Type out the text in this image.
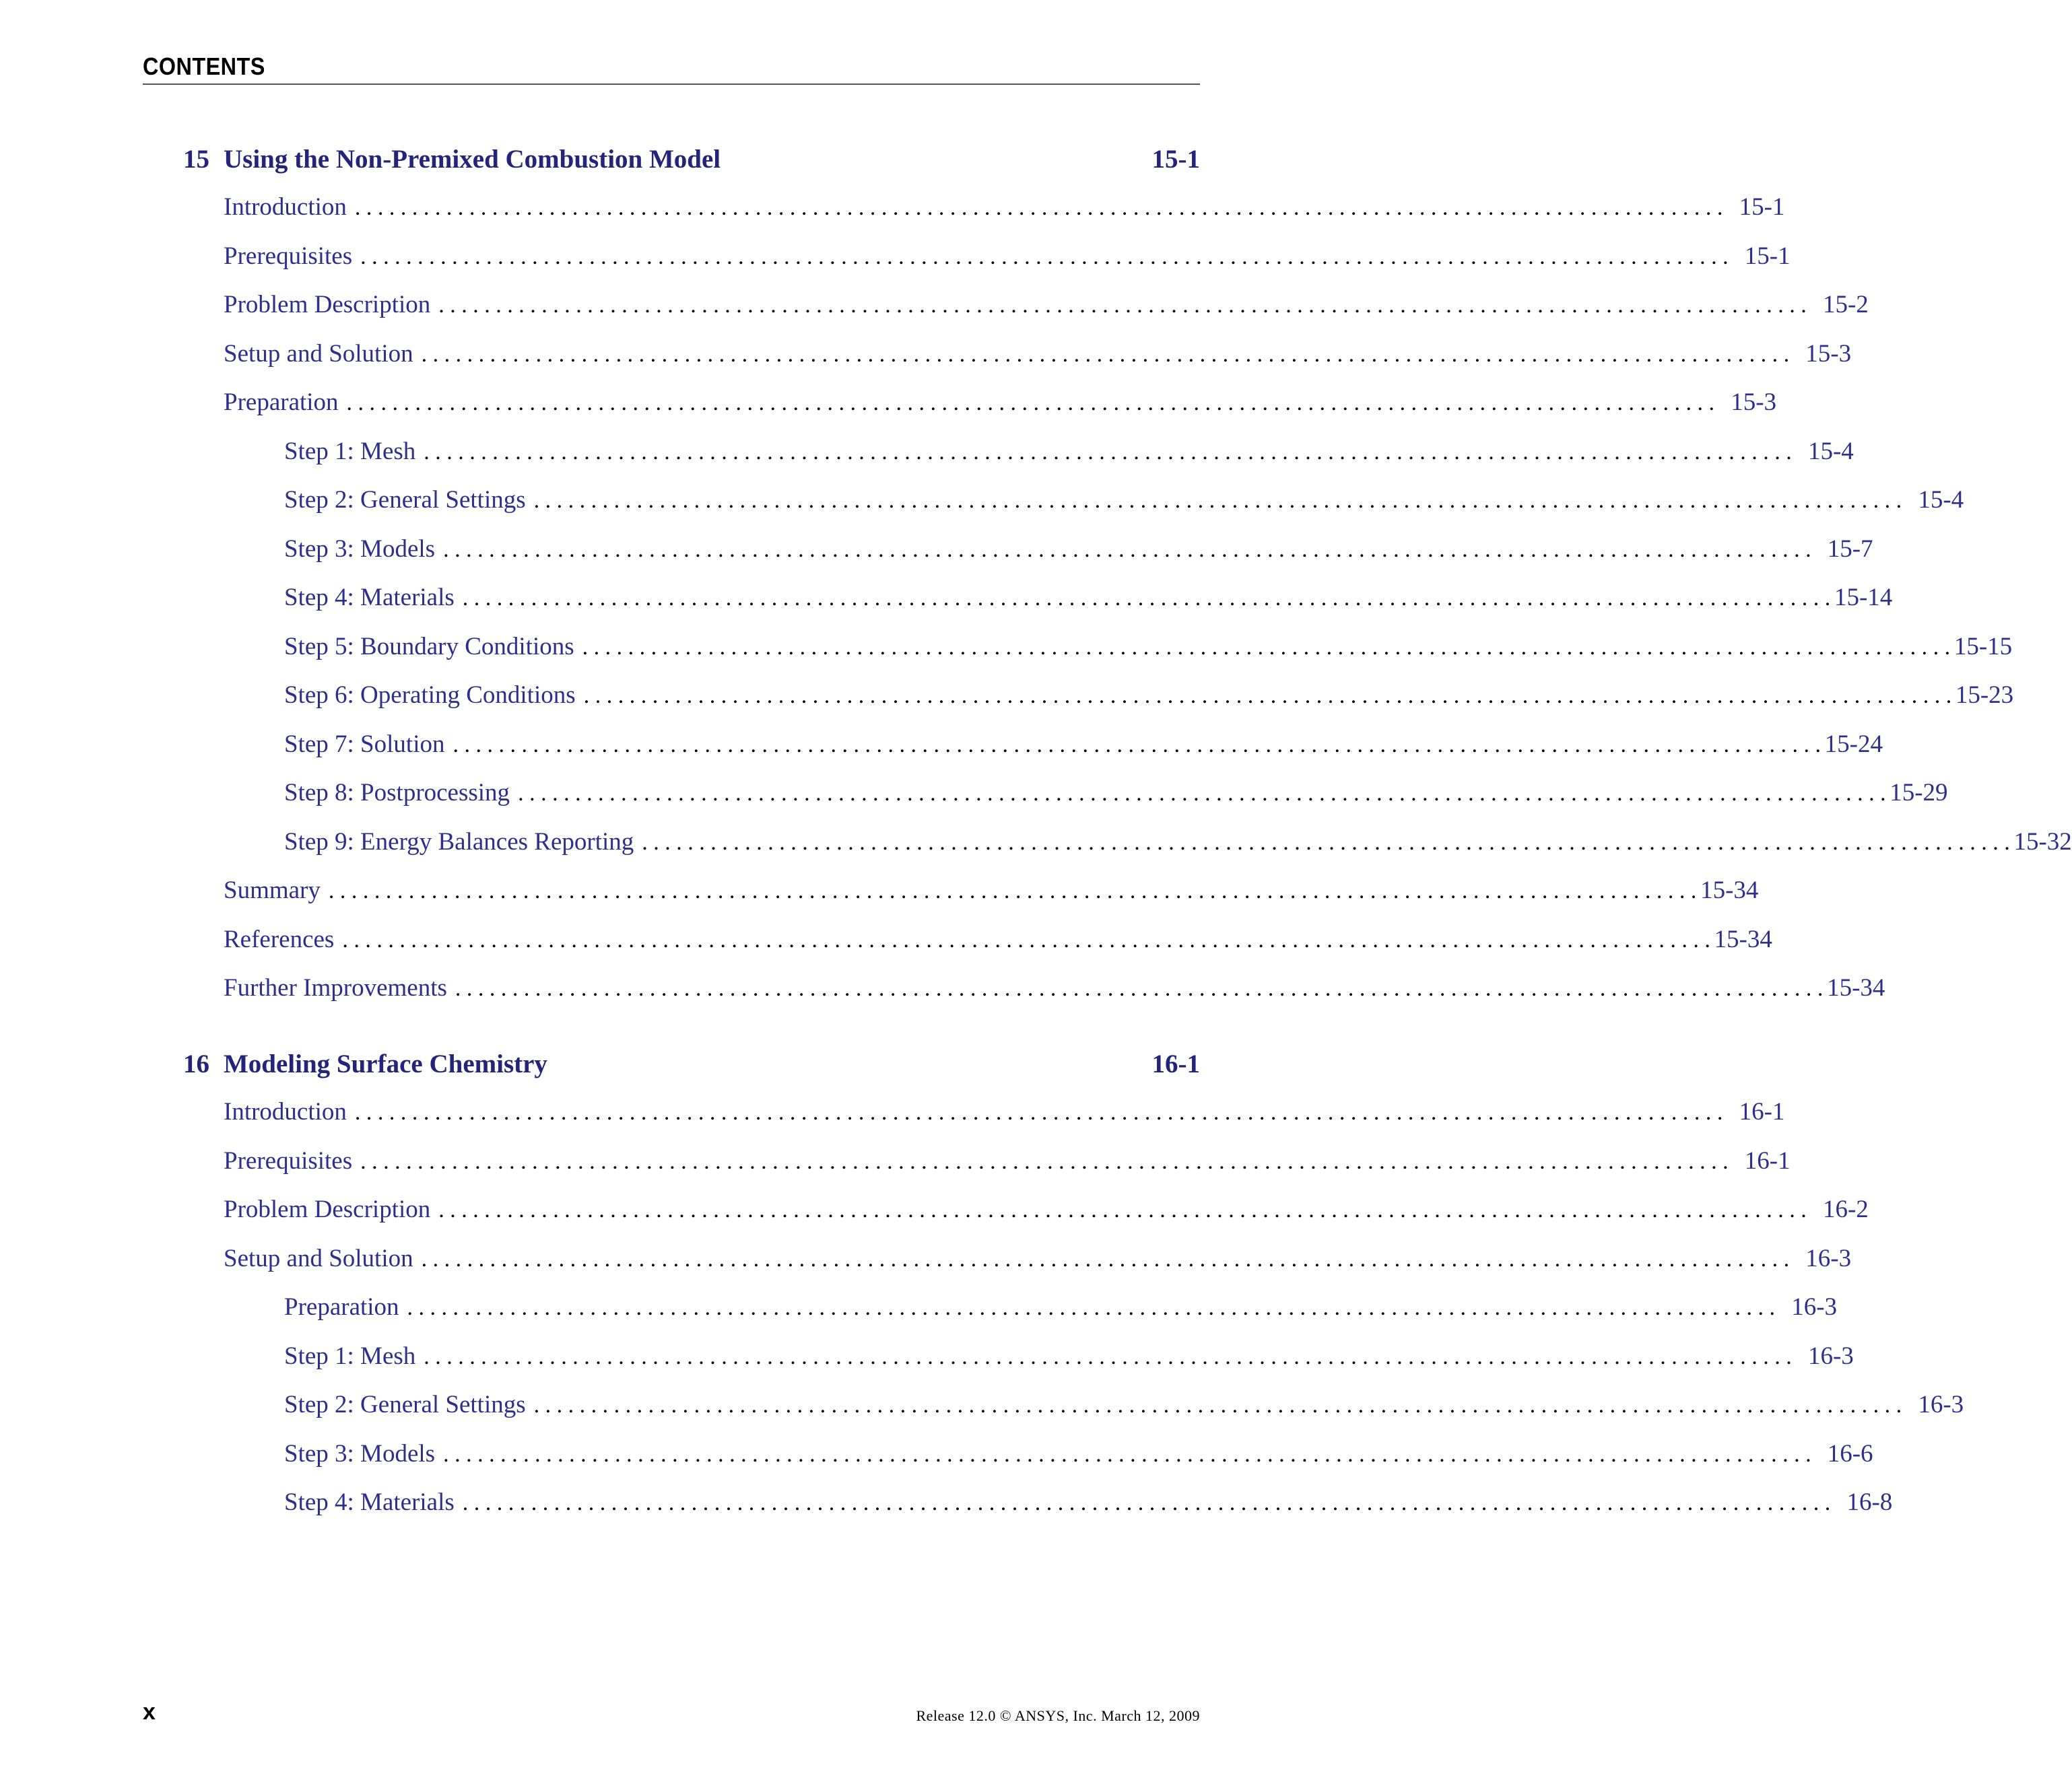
CONTENTS
15 Using the Non-Premixed Combustion Model	15-1
Introduction . . . . . . . . . . . . . . . . . . . . . . . . . . . . . . . . . . . . . . . . . . . . . . . . . . . . . . . . . . . . . . . . . . . . . . . . . . . . . . . . . . . . . . . . . . . . . . . . . . . . . . . . . . . . . . . . . . . . . . . . 15-1
Prerequisites . . . . . . . . . . . . . . . . . . . . . . . . . . . . . . . . . . . . . . . . . . . . . . . . . . . . . . . . . . . . . . . . . . . . . . . . . . . . . . . . . . . . . . . . . . . . . . . . . . . . . . . . . . . . . . . . . . . . . . . . 15-1
Problem Description . . . . . . . . . . . . . . . . . . . . . . . . . . . . . . . . . . . . . . . . . . . . . . . . . . . . . . . . . . . . . . . . . . . . . . . . . . . . . . . . . . . . . . . . . . . . . . . . . . . . . . . . . . . . . . . . . . . . . . . . 15-2
Setup and Solution . . . . . . . . . . . . . . . . . . . . . . . . . . . . . . . . . . . . . . . . . . . . . . . . . . . . . . . . . . . . . . . . . . . . . . . . . . . . . . . . . . . . . . . . . . . . . . . . . . . . . . . . . . . . . . . . . . . . . . . . 15-3
Preparation . . . . . . . . . . . . . . . . . . . . . . . . . . . . . . . . . . . . . . . . . . . . . . . . . . . . . . . . . . . . . . . . . . . . . . . . . . . . . . . . . . . . . . . . . . . . . . . . . . . . . . . . . . . . . . . . . . . . . . . . 15-3
Step 1: Mesh . . . . . . . . . . . . . . . . . . . . . . . . . . . . . . . . . . . . . . . . . . . . . . . . . . . . . . . . . . . . . . . . . . . . . . . . . . . . . . . . . . . . . . . . . . . . . . . . . . . . . . . . . . . . . . . . . . . . . . . . 15-4
Step 2: General Settings . . . . . . . . . . . . . . . . . . . . . . . . . . . . . . . . . . . . . . . . . . . . . . . . . . . . . . . . . . . . . . . . . . . . . . . . . . . . . . . . . . . . . . . . . . . . . . . . . . . . . . . . . . . . . . . . . . . . . . . . 15-4
Step 3: Models . . . . . . . . . . . . . . . . . . . . . . . . . . . . . . . . . . . . . . . . . . . . . . . . . . . . . . . . . . . . . . . . . . . . . . . . . . . . . . . . . . . . . . . . . . . . . . . . . . . . . . . . . . . . . . . . . . . . . . . . 15-7
Step 4: Materials . . . . . . . . . . . . . . . . . . . . . . . . . . . . . . . . . . . . . . . . . . . . . . . . . . . . . . . . . . . . . . . . . . . . . . . . . . . . . . . . . . . . . . . . . . . . . . . . . . . . . . . . . . . . . . . . . . . . . . . . 15-14
Step 5: Boundary Conditions . . . . . . . . . . . . . . . . . . . . . . . . . . . . . . . . . . . . . . . . . . . . . . . . . . . . . . . . . . . . . . . . . . . . . . . . . . . . . . . . . . . . . . . . . . . . . . . . . . . . . . . . . . . . . . . . . . . . . . . . 15-15
Step 6: Operating Conditions . . . . . . . . . . . . . . . . . . . . . . . . . . . . . . . . . . . . . . . . . . . . . . . . . . . . . . . . . . . . . . . . . . . . . . . . . . . . . . . . . . . . . . . . . . . . . . . . . . . . . . . . . . . . . . . . . . . . . . . . 15-23
Step 7: Solution . . . . . . . . . . . . . . . . . . . . . . . . . . . . . . . . . . . . . . . . . . . . . . . . . . . . . . . . . . . . . . . . . . . . . . . . . . . . . . . . . . . . . . . . . . . . . . . . . . . . . . . . . . . . . . . . . . . . . . . . 15-24
Step 8: Postprocessing . . . . . . . . . . . . . . . . . . . . . . . . . . . . . . . . . . . . . . . . . . . . . . . . . . . . . . . . . . . . . . . . . . . . . . . . . . . . . . . . . . . . . . . . . . . . . . . . . . . . . . . . . . . . . . . . . . . . . . . . 15-29
Step 9: Energy Balances Reporting . . . . . . . . . . . . . . . . . . . . . . . . . . . . . . . . . . . . . . . . . . . . . . . . . . . . . . . . . . . . . . . . . . . . . . . . . . . . . . . . . . . . . . . . . . . . . . . . . . . . . . . . . . . . . . . . . . . . . . . . 15-32
Summary . . . . . . . . . . . . . . . . . . . . . . . . . . . . . . . . . . . . . . . . . . . . . . . . . . . . . . . . . . . . . . . . . . . . . . . . . . . . . . . . . . . . . . . . . . . . . . . . . . . . . . . . . . . . . . . . . . . . . . . . 15-34
References . . . . . . . . . . . . . . . . . . . . . . . . . . . . . . . . . . . . . . . . . . . . . . . . . . . . . . . . . . . . . . . . . . . . . . . . . . . . . . . . . . . . . . . . . . . . . . . . . . . . . . . . . . . . . . . . . . . . . . . . 15-34
Further Improvements . . . . . . . . . . . . . . . . . . . . . . . . . . . . . . . . . . . . . . . . . . . . . . . . . . . . . . . . . . . . . . . . . . . . . . . . . . . . . . . . . . . . . . . . . . . . . . . . . . . . . . . . . . . . . . . . . . . . . . . . 15-34
16 Modeling Surface Chemistry	16-1
Introduction . . . . . . . . . . . . . . . . . . . . . . . . . . . . . . . . . . . . . . . . . . . . . . . . . . . . . . . . . . . . . . . . . . . . . . . . . . . . . . . . . . . . . . . . . . . . . . . . . . . . . . . . . . . . . . . . . . . . . . . . 16-1
Prerequisites . . . . . . . . . . . . . . . . . . . . . . . . . . . . . . . . . . . . . . . . . . . . . . . . . . . . . . . . . . . . . . . . . . . . . . . . . . . . . . . . . . . . . . . . . . . . . . . . . . . . . . . . . . . . . . . . . . . . . . . . 16-1
Problem Description . . . . . . . . . . . . . . . . . . . . . . . . . . . . . . . . . . . . . . . . . . . . . . . . . . . . . . . . . . . . . . . . . . . . . . . . . . . . . . . . . . . . . . . . . . . . . . . . . . . . . . . . . . . . . . . . . . . . . . . . 16-2
Setup and Solution . . . . . . . . . . . . . . . . . . . . . . . . . . . . . . . . . . . . . . . . . . . . . . . . . . . . . . . . . . . . . . . . . . . . . . . . . . . . . . . . . . . . . . . . . . . . . . . . . . . . . . . . . . . . . . . . . . . . . . . . 16-3
Preparation . . . . . . . . . . . . . . . . . . . . . . . . . . . . . . . . . . . . . . . . . . . . . . . . . . . . . . . . . . . . . . . . . . . . . . . . . . . . . . . . . . . . . . . . . . . . . . . . . . . . . . . . . . . . . . . . . . . . . . . . 16-3
Step 1: Mesh . . . . . . . . . . . . . . . . . . . . . . . . . . . . . . . . . . . . . . . . . . . . . . . . . . . . . . . . . . . . . . . . . . . . . . . . . . . . . . . . . . . . . . . . . . . . . . . . . . . . . . . . . . . . . . . . . . . . . . . . 16-3
Step 2: General Settings . . . . . . . . . . . . . . . . . . . . . . . . . . . . . . . . . . . . . . . . . . . . . . . . . . . . . . . . . . . . . . . . . . . . . . . . . . . . . . . . . . . . . . . . . . . . . . . . . . . . . . . . . . . . . . . . . . . . . . . . 16-3
Step 3: Models . . . . . . . . . . . . . . . . . . . . . . . . . . . . . . . . . . . . . . . . . . . . . . . . . . . . . . . . . . . . . . . . . . . . . . . . . . . . . . . . . . . . . . . . . . . . . . . . . . . . . . . . . . . . . . . . . . . . . . . . 16-6
Step 4: Materials . . . . . . . . . . . . . . . . . . . . . . . . . . . . . . . . . . . . . . . . . . . . . . . . . . . . . . . . . . . . . . . . . . . . . . . . . . . . . . . . . . . . . . . . . . . . . . . . . . . . . . . . . . . . . . . . . . . . . . . . 16-8
x	Release 12.0 © ANSYS, Inc. March 12, 2009
